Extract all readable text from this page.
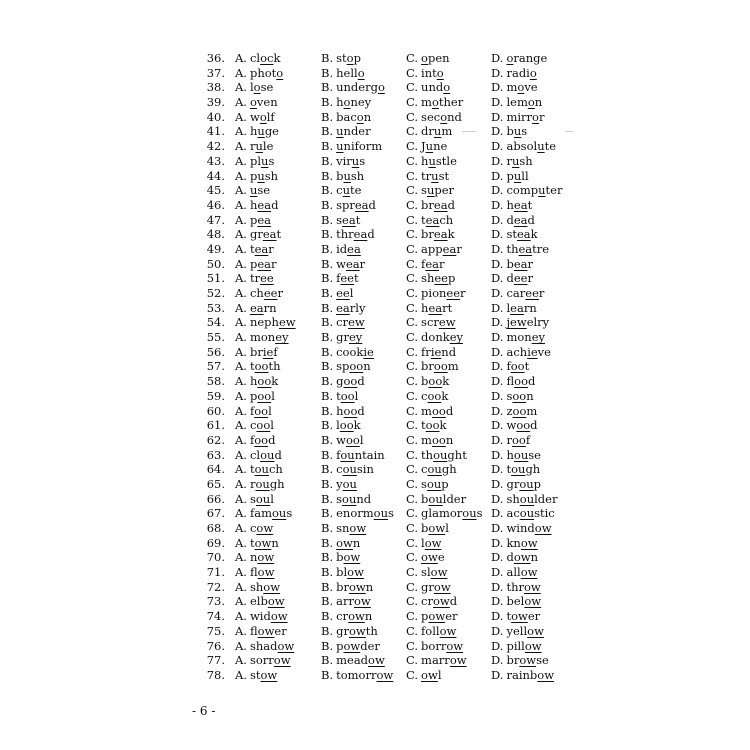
36. A. clock	B. stop	C. open	D. orange
37. A. photo	B. hello	C. into	D. radio
38. A. lose	B. undergo C. undo	D. move
39. A. oven	B. honey	C. mother D. lemon
40. A. wolf	B. bacon	C. second	D. mirror
41. A. huge	B. under	C. drum	D. bus
42. A. rule	B. uniform C. June	D. absolute
43. A. plus	B. virus	C. hustle	D. rush
44. A. push	B. bush	C. trust	D. pull
45. A. use	B. cute	C. super	D. computer
46. A. head	B. spread	C. bread	D. heat
47. A. pea	B. seat	C. teach	D. dead
48. A. great	B. thread	C. break	D. steak
49. A. tear	B. idea	C. appear	D. theatre
50. A. pear	B. wear	C. fear	D. bear
51. A. tree	B. feet	C. sheep	D. deer
52. A. cheer	B. eel	C. pioneer D. career
53. A. earn	B. early	C. heart	D. learn
54. A. nephew B. crew	C. screw	D. jewelry
55. A. money	B. grey	C. donkey D. money
56. A. brief	B. cookie	C. friend	D. achieve
57. A. tooth	B. spoon	C. broom	D. foot
58. A. hook	B. good	C. book	D. flood
59. A. pool	B. tool	C. cook	D. soon
60. A. fool	B. hood	C. mood	D. zoom
61. A. cool	B. look	C. took	D. wood
62. A. food	B. wool	C. moon	D. roof
63. A. cloud	B. fountain C. thought D. house
64. A. touch	B. cousin	C. cough	D. tough
65. A. rough	B. you	C. soup	D. group
66. A. soul	B. sound	C. boulder D. shoulder
67. A. famous	B. enormous C. glamorous D. acoustic
68. A. cow	B. snow	C. bowl	D. window
69. A. town	B. own	C. low	D. know
70. A. now	B. bow	C. owe	D. down
71. A. flow	B. blow	C. slow	D. allow
72. A. show	B. brown	C. grow	D. throw
73. A. elbow	B. arrow	C. crowd	D. below
74. A. widow	B. crown	C. power	D. tower
75. A. flower	B. growth C. follow	D. yellow
76. A. shadow B. powder C. borrow D. pillow
77. A. sorrow	B. meadow C. marrow D. browse
78. A. stow	B. tomorrow C. owl	D. rainbow
- 6 -
